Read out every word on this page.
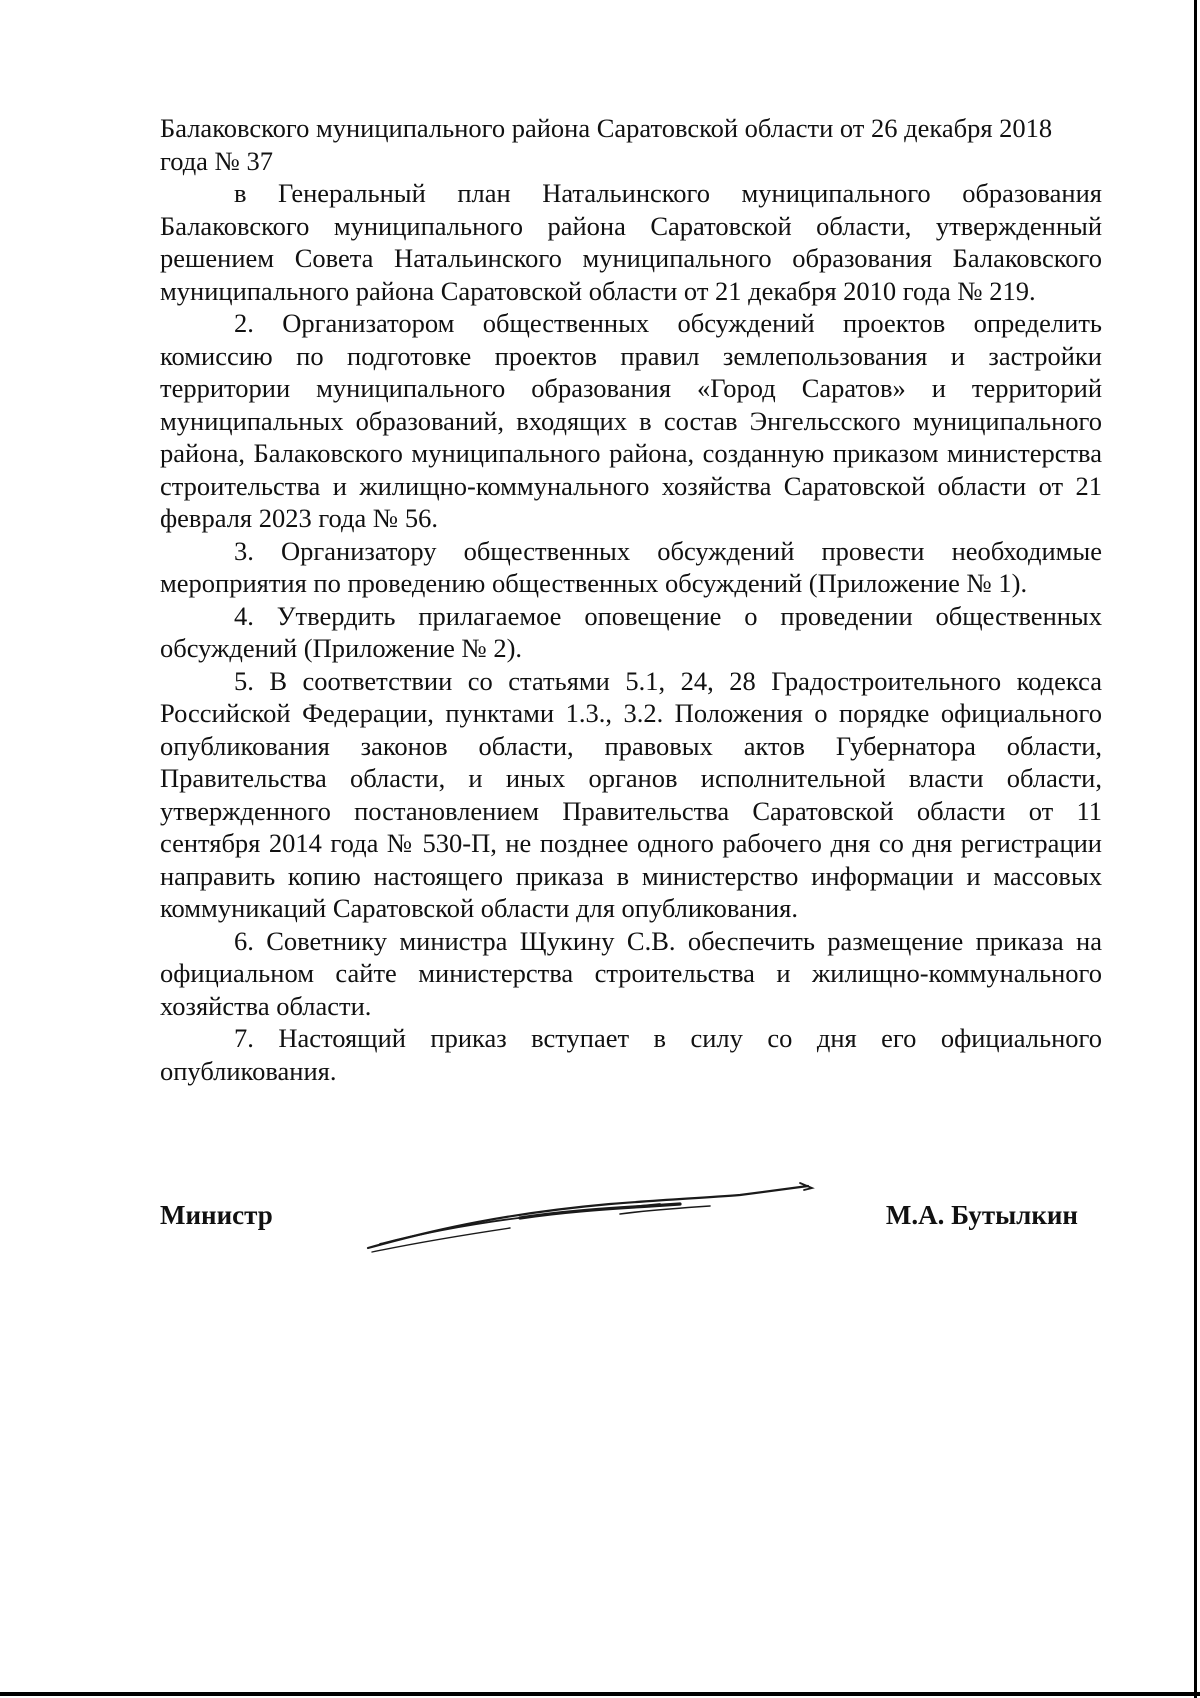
Балаковского муниципального района Саратовской области от 26 декабря 2018 года № 37

в Генеральный план Натальинского муниципального образования Балаковского муниципального района Саратовской области, утвержденный решением Совета Натальинского муниципального образования Балаковского муниципального района Саратовской области от 21 декабря 2010 года № 219.

2. Организатором общественных обсуждений проектов определить комиссию по подготовке проектов правил землепользования и застройки территории муниципального образования «Город Саратов» и территорий муниципальных образований, входящих в состав Энгельсского муниципального района, Балаковского муниципального района, созданную приказом министерства строительства и жилищно-коммунального хозяйства Саратовской области от 21 февраля 2023 года № 56.

3. Организатору общественных обсуждений провести необходимые мероприятия по проведению общественных обсуждений (Приложение № 1).

4. Утвердить прилагаемое оповещение о проведении общественных обсуждений (Приложение № 2).

5. В соответствии со статьями 5.1, 24, 28 Градостроительного кодекса Российской Федерации, пунктами 1.3., 3.2. Положения о порядке официального опубликования законов области, правовых актов Губернатора области, Правительства области, и иных органов исполнительной власти области, утвержденного постановлением Правительства Саратовской области от 11 сентября 2014 года № 530-П, не позднее одного рабочего дня со дня регистрации направить копию настоящего приказа в министерство информации и массовых коммуникаций Саратовской области для опубликования.

6. Советнику министра Щукину С.В. обеспечить размещение приказа на официальном сайте министерства строительства и жилищно-коммунального хозяйства области.

7. Настоящий приказ вступает в силу со дня его официального опубликования.

Министр	М.А. Бутылкин
